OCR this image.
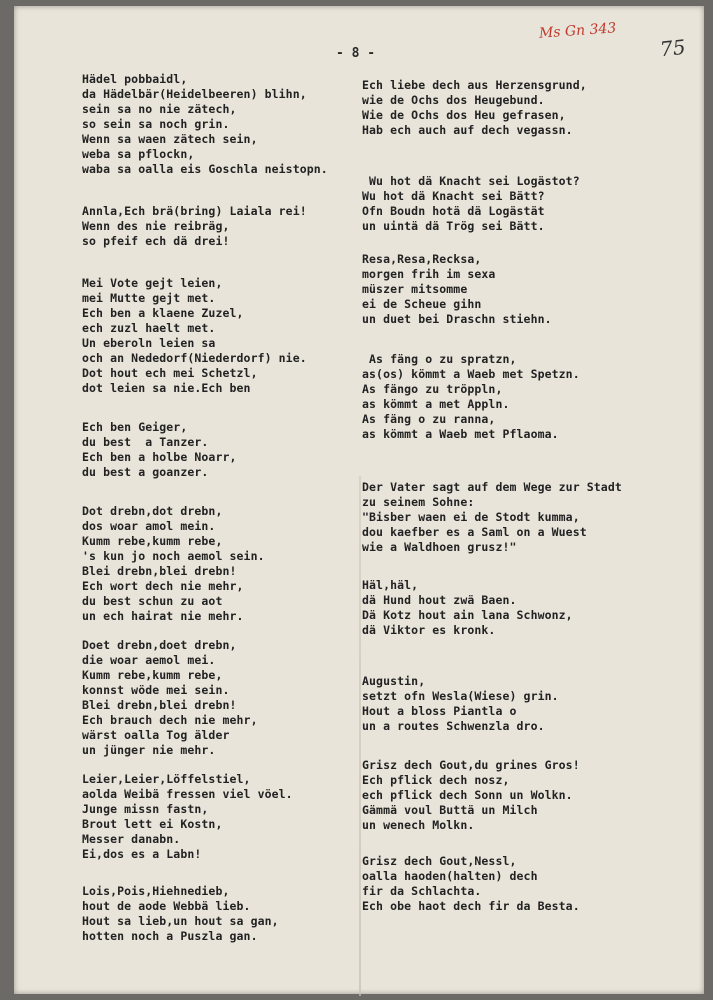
- 8 -
Ms Gn 343
75
Hädel pobbaidl,
da Hädelbär(Heidelbeeren) blihn,
sein sa no nie zätech,
so sein sa noch grin.
Wenn sa waen zätech sein,
weba sa pflockn,
waba sa oalla eis Goschla neistopn.
Annla,Ech brä(bring) Laiala rei!
Wenn des nie reibräg,
so pfeif ech dä drei!
Mei Vote gejt leien,
mei Mutte gejt met.
Ech ben a klaene Zuzel,
ech zuzl haelt met.
Un eberoln leien sa
och an Nededorf(Niederdorf) nie.
Dot hout ech mei Schetzl,
dot leien sa nie.Ech ben
Ech ben Geiger,
du best  a Tanzer.
Ech ben a holbe Noarr,
du best a goanzer.
Dot drebn,dot drebn,
dos woar amol mein.
Kumm rebe,kumm rebe,
's kun jo noch aemol sein.
Blei drebn,blei drebn!
Ech wort dech nie mehr,
du best schun zu aot
un ech hairat nie mehr.
Doet drebn,doet drebn,
die woar aemol mei.
Kumm rebe,kumm rebe,
konnst wöde mei sein.
Blei drebn,blei drebn!
Ech brauch dech nie mehr,
wärst oalla Tog älder
un jünger nie mehr.
Leier,Leier,Löffelstiel,
aolda Weibä fressen viel vöel.
Junge missn fastn,
Brout lett ei Kostn,
Messer danabn.
Ei,dos es a Labn!
Lois,Pois,Hiehnedieb,
hout de aode Webbä lieb.
Hout sa lieb,un hout sa gan,
hotten noch a Puszla gan.
Ech liebe dech aus Herzensgrund,
wie de Ochs dos Heugebund.
Wie de Ochs dos Heu gefrasen,
Hab ech auch auf dech vegassn.
Wu hot dä Knacht sei Logästot?
Wu hot dä Knacht sei Bätt?
Ofn Boudn hotä dä Logästät
un uintä dä Trög sei Bätt.
Resa,Resa,Recksa,
morgen frih im sexa
müszer mitsomme
ei de Scheue gihn
un duet bei Draschn stiehn.
As fäng o zu spratzn,
as(os) kömmt a Waeb met Spetzn.
As fängo zu tröppln,
as kömmt a met Appln.
As fäng o zu ranna,
as kömmt a Waeb met Pflaoma.
Der Vater sagt auf dem Wege zur Stadt
zu seinem Sohne:
"Bisber waen ei de Stodt kumma,
dou kaefber es a Saml on a Wuest
wie a Waldhoen grusz!"
Häl,häl,
dä Hund hout zwä Baen.
Dä Kotz hout ain lana Schwonz,
dä Viktor es kronk.
Augustin,
setzt ofn Wesla(Wiese) grin.
Hout a bloss Piantla o
un a routes Schwenzla dro.
Grisz dech Gout,du grines Gros!
Ech pflick dech nosz,
ech pflick dech Sonn un Wolkn.
Gämmä voul Buttä un Milch
un wenech Molkn.
Grisz dech Gout,Nessl,
oalla haoden(halten) dech
fir da Schlachta.
Ech obe haot dech fir da Besta.
